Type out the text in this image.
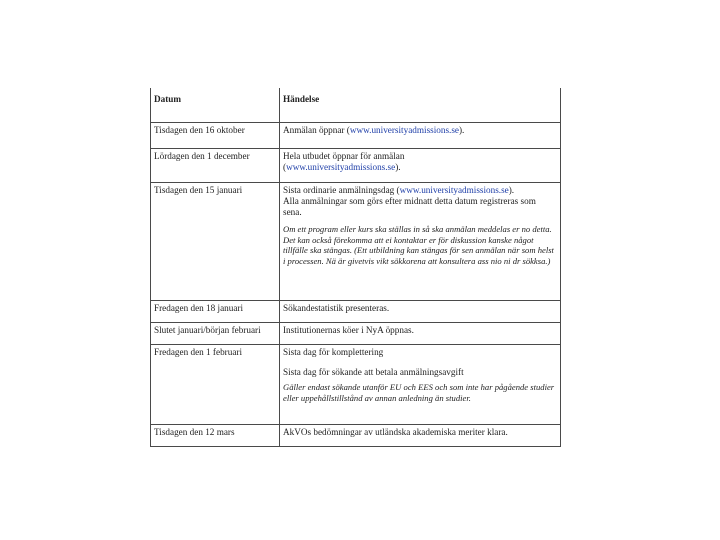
Datum	Händelse
Tisdagen den 16 oktober	Anmälan öppnar (www.universityadmissions.se).
Lördagen den 1 december	Hela utbudet öppnar för anmälan
(www.universityadmissions.se).

Tisdagen den 15 januari	Sista ordinarie anmälningsdag (www.universityadmissions.se).
Alla anmälningar som görs efter midnatt detta datum registreras som sena.
Om ett program eller kurs ska ställas in så ska anmälan meddelas er no detta. Det kan också förekomma att ei kontaktar er för diskussion kanske något tillfälle ska stängas. (Ett utbildning kan stängas för sen anmälan när som helst i processen. Nä är givetvis vikt sökkorena att konsultera ass nio ni dr sökksa.)

Fredagen den 18 januari	Sökandestatistik presenteras.
Slutet januari/början februari	Institutionernas köer i NyA öppnas.
Fredagen den 1 februari	Sista dag för komplettering
Sista dag för sökande att betala anmälningsavgift
Gäller endast sökande utanför EU och EES och som inte har pågående studier eller uppehållstillstånd av annan anledning än studier.

Tisdagen den 12 mars	AkVOs bedömningar av utländska akademiska meriter klara.
